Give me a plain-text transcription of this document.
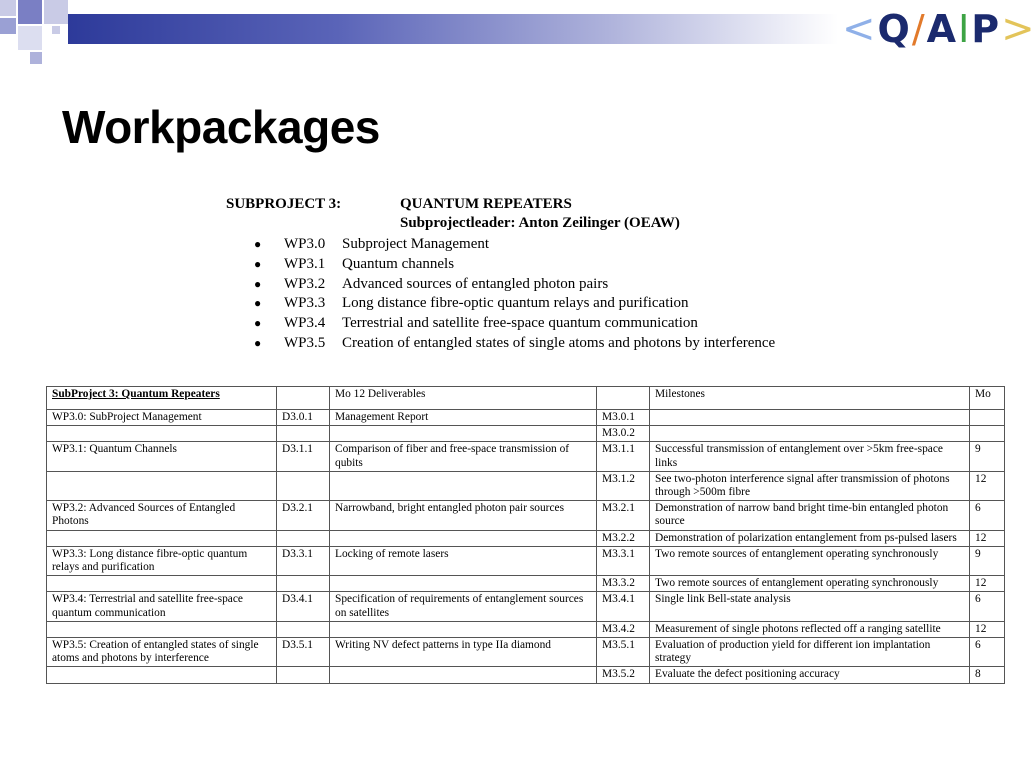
< Q / A I P >
Workpackages
SUBPROJECT 3:	QUANTUM REPEATERS
Subprojectleader: Anton Zeilinger (OEAW)
●	WP3.0	Subproject Management
●	WP3.1	Quantum channels
●	WP3.2	Advanced sources of entangled photon pairs
●	WP3.3	Long distance fibre-optic quantum relays and purification
●	WP3.4	Terrestrial and satellite free-space quantum communication
●	WP3.5	Creation of entangled states of single atoms and photons by interference
SubProject 3: Quantum Repeaters		Mo 12 Deliverables		Milestones	Mo
WP3.0: SubProject Management	D3.0.1	Management Report	M3.0.1		
			M3.0.2		
WP3.1: Quantum Channels	D3.1.1	Comparison of fiber and free-space transmission of qubits	M3.1.1	Successful transmission of entanglement over >5km free-space links	9
			M3.1.2	See two-photon interference signal after transmission of photons through >500m fibre	12
WP3.2: Advanced Sources of Entangled Photons	D3.2.1	Narrowband, bright entangled photon pair sources	M3.2.1	Demonstration of narrow band bright time-bin entangled photon source	6
			M3.2.2	Demonstration of polarization entanglement from ps-pulsed lasers	12
WP3.3: Long distance fibre-optic quantum relays and purification	D3.3.1	Locking of remote lasers	M3.3.1	Two remote sources of entanglement operating synchronously	9
			M3.3.2	Two remote sources of entanglement operating synchronously	12
WP3.4: Terrestrial and satellite free-space quantum communication	D3.4.1	Specification of requirements of entanglement sources on satellites	M3.4.1	Single link Bell-state analysis	6
			M3.4.2	Measurement of single photons reflected off a ranging satellite	12
WP3.5: Creation of entangled states of single atoms and photons by interference	D3.5.1	Writing NV defect patterns in type IIa diamond	M3.5.1	Evaluation of production yield for different ion implantation strategy	6
			M3.5.2	Evaluate the defect positioning accuracy	8
